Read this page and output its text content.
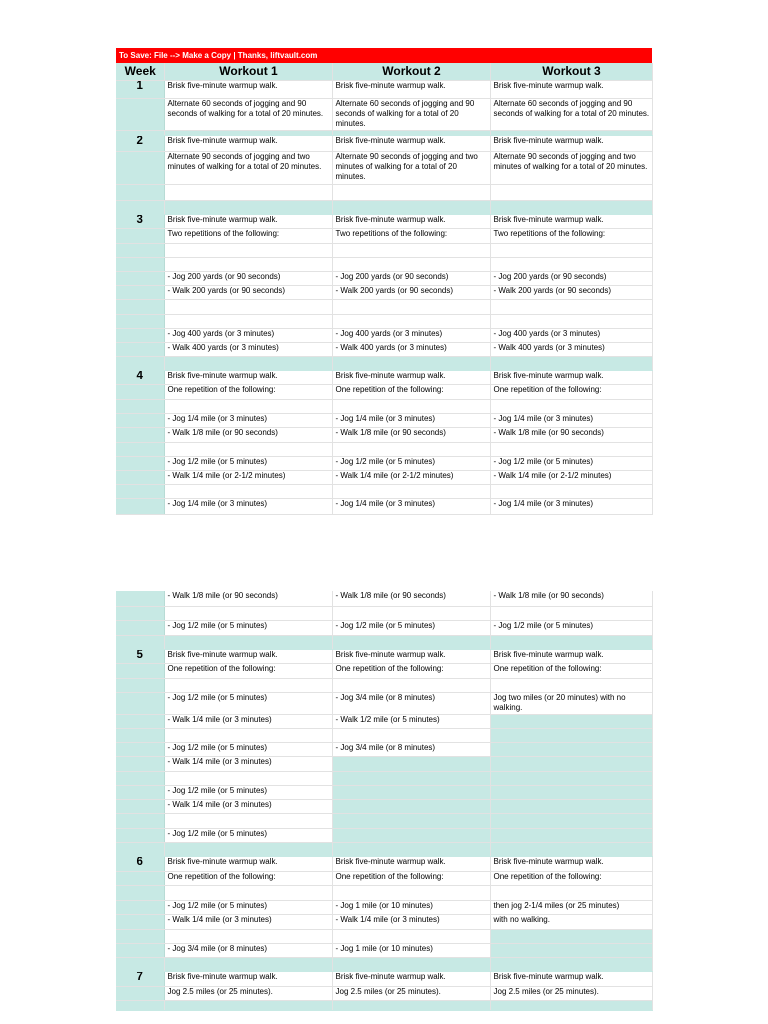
To Save: File --> Make a Copy | Thanks, liftvault.com
Week	Workout 1	Workout 2	Workout 3
1	Brisk five-minute warmup walk.	Brisk five-minute warmup walk.	Brisk five-minute warmup walk.
	Alternate 60 seconds of jogging and 90 seconds of walking for a total of 20 minutes.	Alternate 60 seconds of jogging and 90 seconds of walking for a total of 20 minutes.	Alternate 60 seconds of jogging and 90 seconds of walking for a total of 20 minutes.

2	Brisk five-minute warmup walk.	Brisk five-minute warmup walk.	Brisk five-minute warmup walk.
	Alternate 90 seconds of jogging and two minutes of walking for a total of 20 minutes.	Alternate 90 seconds of jogging and two minutes of walking for a total of 20 minutes.	Alternate 90 seconds of jogging and two minutes of walking for a total of 20 minutes.

3	Brisk five-minute warmup walk.	Brisk five-minute warmup walk.	Brisk five-minute warmup walk.
	Two repetitions of the following:	Two repetitions of the following:	Two repetitions of the following:

	- Jog 200 yards (or 90 seconds)	- Jog 200 yards (or 90 seconds)	- Jog 200 yards (or 90 seconds)
	- Walk 200 yards (or 90 seconds)	- Walk 200 yards (or 90 seconds)	- Walk 200 yards (or 90 seconds)

	- Jog 400 yards (or 3 minutes)	- Jog 400 yards (or 3 minutes)	- Jog 400 yards (or 3 minutes)
	- Walk 400 yards (or 3 minutes)	- Walk 400 yards (or 3 minutes)	- Walk 400 yards (or 3 minutes)

4	Brisk five-minute warmup walk.	Brisk five-minute warmup walk.	Brisk five-minute warmup walk.
	One repetition of the following:	One repetition of the following:	One repetition of the following:

	- Jog 1/4 mile (or 3 minutes)	- Jog 1/4 mile (or 3 minutes)	- Jog 1/4 mile (or 3 minutes)
	- Walk 1/8 mile (or 90 seconds)	- Walk 1/8 mile (or 90 seconds)	- Walk 1/8 mile (or 90 seconds)

	- Jog 1/2 mile (or 5 minutes)	- Jog 1/2 mile (or 5 minutes)	- Jog 1/2 mile (or 5 minutes)
	- Walk 1/4 mile (or 2-1/2 minutes)	- Walk 1/4 mile (or 2-1/2 minutes)	- Walk 1/4 mile (or 2-1/2 minutes)

	- Jog 1/4 mile (or 3 minutes)	- Jog 1/4 mile (or 3 minutes)	- Jog 1/4 mile (or 3 minutes)
	- Walk 1/8 mile (or 90 seconds)	- Walk 1/8 mile (or 90 seconds)	- Walk 1/8 mile (or 90 seconds)

	- Jog 1/2 mile (or 5 minutes)	- Jog 1/2 mile (or 5 minutes)	- Jog 1/2 mile (or 5 minutes)

5	Brisk five-minute warmup walk.	Brisk five-minute warmup walk.	Brisk five-minute warmup walk.
	One repetition of the following:	One repetition of the following:	One repetition of the following:

	- Jog 1/2 mile (or 5 minutes)	- Jog 3/4 mile (or 8 minutes)	Jog two miles (or 20 minutes) with no walking.
	- Walk 1/4 mile (or 3 minutes)	- Walk 1/2 mile (or 5 minutes)	

	- Jog 1/2 mile (or 5 minutes)	- Jog 3/4 mile (or 8 minutes)	
	- Walk 1/4 mile (or 3 minutes)		

	- Jog 1/2 mile (or 5 minutes)		
	- Walk 1/4 mile (or 3 minutes)		

	- Jog 1/2 mile (or 5 minutes)		

6	Brisk five-minute warmup walk.	Brisk five-minute warmup walk.	Brisk five-minute warmup walk.
	One repetition of the following:	One repetition of the following:	One repetition of the following:

	- Jog 1/2 mile (or 5 minutes)	- Jog 1 mile (or 10 minutes)	then jog 2-1/4 miles (or 25 minutes)
	- Walk 1/4 mile (or 3 minutes)	- Walk 1/4 mile (or 3 minutes)	with no walking.

	- Jog 3/4 mile (or 8 minutes)	- Jog 1 mile (or 10 minutes)	

7	Brisk five-minute warmup walk.	Brisk five-minute warmup walk.	Brisk five-minute warmup walk.
	Jog 2.5 miles (or 25 minutes).	Jog 2.5 miles (or 25 minutes).	Jog 2.5 miles (or 25 minutes).
